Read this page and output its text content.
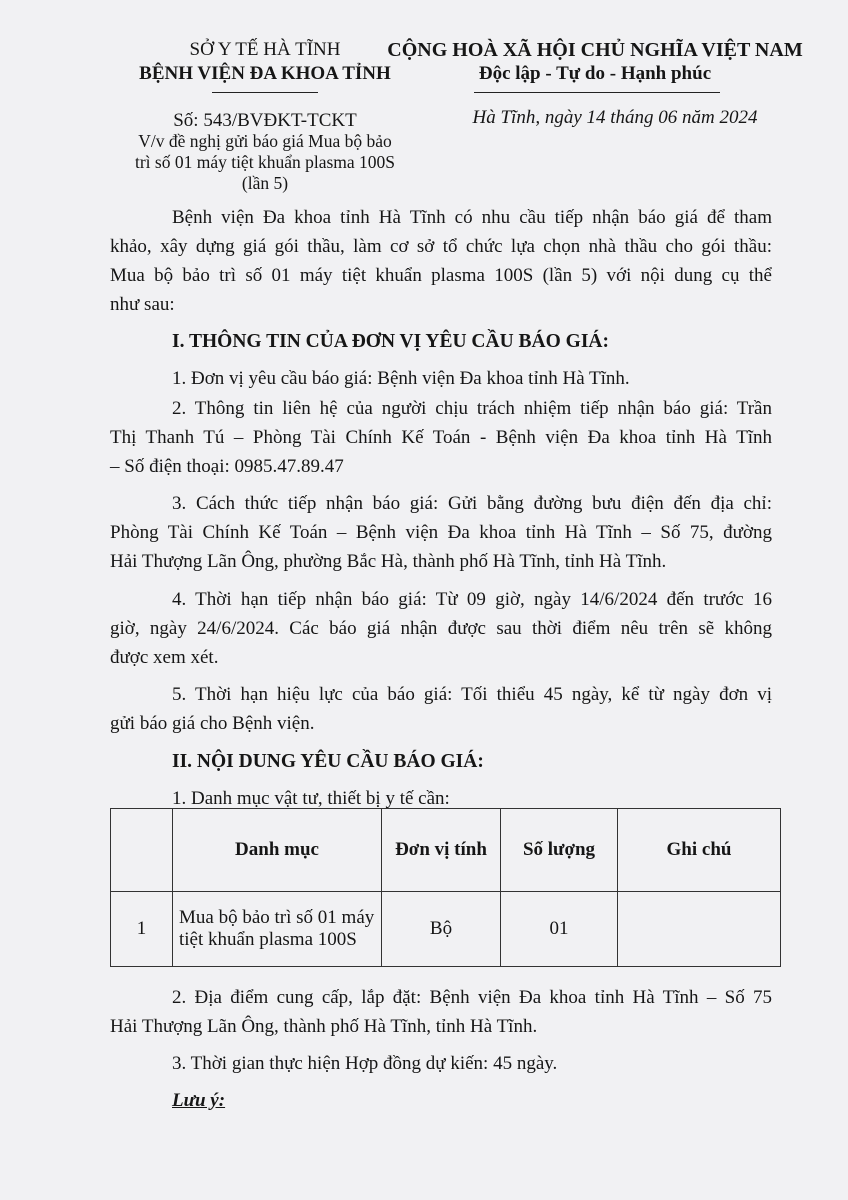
SỞ Y TẾ HÀ TĨNH
BỆNH VIỆN ĐA KHOA TỈNH
CỘNG HOÀ XÃ HỘI CHỦ NGHĨA VIỆT NAM
Độc lập - Tự do - Hạnh phúc
Số: 543/BVĐKT-TCKT
V/v đề nghị gửi báo giá Mua bộ bảo
trì số 01 máy tiệt khuẩn plasma 100S
(lần 5)
Hà Tĩnh, ngày 14 tháng 06 năm 2024
Bệnh viện Đa khoa tỉnh Hà Tĩnh có nhu cầu tiếp nhận báo giá để tham
khảo, xây dựng giá gói thầu, làm cơ sở tổ chức lựa chọn nhà thầu cho gói thầu:
Mua bộ bảo trì số 01 máy tiệt khuẩn plasma 100S (lần 5) với nội dung cụ thể
như sau:
I. THÔNG TIN CỦA ĐƠN VỊ YÊU CẦU BÁO GIÁ:
1. Đơn vị yêu cầu báo giá: Bệnh viện Đa khoa tỉnh Hà Tĩnh.
2. Thông tin liên hệ của người chịu trách nhiệm tiếp nhận báo giá: Trần
Thị Thanh Tú – Phòng Tài Chính Kế Toán - Bệnh viện Đa khoa tỉnh Hà Tĩnh
– Số điện thoại: 0985.47.89.47
3. Cách thức tiếp nhận báo giá: Gửi bằng đường bưu điện đến địa chỉ:
Phòng Tài Chính Kế Toán – Bệnh viện Đa khoa tỉnh Hà Tĩnh – Số 75, đường
Hải Thượng Lãn Ông, phường Bắc Hà, thành phố Hà Tĩnh, tỉnh Hà Tĩnh.
4. Thời hạn tiếp nhận báo giá: Từ 09 giờ, ngày 14/6/2024 đến trước 16
giờ, ngày 24/6/2024. Các báo giá nhận được sau thời điểm nêu trên sẽ không
được xem xét.
5. Thời hạn hiệu lực của báo giá: Tối thiểu 45 ngày, kể từ ngày đơn vị
gửi báo giá cho Bệnh viện.
II. NỘI DUNG YÊU CẦU BÁO GIÁ:
1. Danh mục vật tư, thiết bị y tế cần:
	Danh mục	Đơn vị tính	Số lượng	Ghi chú
1	Mua bộ bảo trì số 01 máy tiệt khuẩn plasma 100S	Bộ	01	
2. Địa điểm cung cấp, lắp đặt: Bệnh viện Đa khoa tỉnh Hà Tĩnh – Số 75
Hải Thượng Lãn Ông, thành phố Hà Tĩnh, tỉnh Hà Tĩnh.
3. Thời gian thực hiện Hợp đồng dự kiến: 45 ngày.
Lưu ý:
